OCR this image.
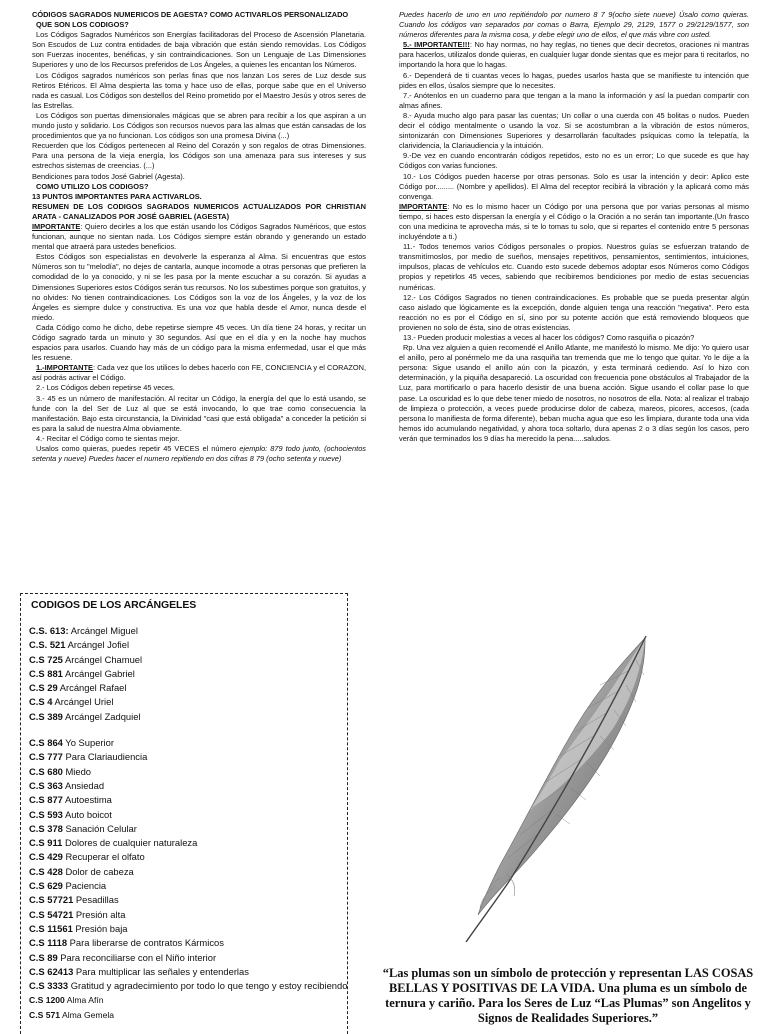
CÓDIGOS SAGRADOS NUMERICOS DE AGESTA? COMO ACTIVARLOS PERSONALIZADO

QUE SON LOS CODIGOS?

Los Códigos Sagrados Numéricos son Energías facilitadoras del Proceso de Ascensión Planetaria. Son Escudos de Luz contra entidades de baja vibración que están siendo removidas. Los Códigos son Fuerzas inocentes, benéficas, y sin contraindicaciones. Son un Lenguaje de Las Dimensiones Superiores y uno de los Recursos preferidos de Los Ángeles, a quienes les encantan los Números.

Los Códigos sagrados numéricos son perlas finas que nos lanzan Los seres de Luz desde sus Retiros Etéricos. El Alma despierta las toma y hace uso de ellas, porque sabe que en el Universo nada es casual. Los Códigos son destellos del Reino prometido por el Maestro Jesús y otros seres de las Estrellas.

Los Códigos son puertas dimensionales mágicas que se abren para recibir a los que aspiran a un mundo justo y solidario. Los Códigos son recursos nuevos para las almas que están cansadas de los procedimientos que ya no funcionan. Los códigos son una promesa Divina (...)

Recuerden que los Códigos pertenecen al Reino del Corazón y son regalos de otras Dimensiones. Para una persona de la vieja energía, los Códigos son una amenaza para sus intereses y sus estrechos sistemas de creencias. (...)

Bendiciones para todos José Gabriel (Agesta).

COMO UTILIZO LOS CODIGOS?

13 PUNTOS IMPORTANTES PARA ACTIVARLOS.

RESUMEN DE LOS CODIGOS SAGRADOS NUMERICOS ACTUALIZADOS POR CHRISTIAN ARATA - CANALIZADOS POR JOSÉ GABRIEL (AGESTA)

IMPORTANTE: Quiero decirles a los que están usando los Códigos Sagrados Numéricos, que estos funcionan, aunque no sientan nada. Los Códigos siempre están obrando y generando un estado mental que atraerá para ustedes beneficios.

Estos Códigos son especialistas en devolverle la esperanza al Alma. Si encuentras que estos Números son tu "melodía", no dejes de cantarla, aunque incomode a otras personas que prefieren la comodidad de lo ya conocido, y ni se les pasa por la mente escuchar a su corazón. Si ayudas a Dimensiones Superiores estos Códigos serán tus recursos. No los subestimes porque son gratuitos, y no olvides: No tienen contraindicaciones. Los Códigos son la voz de los Ángeles, y la voz de los Ángeles es siempre dulce y constructiva. Es una voz que habla desde el Amor, nunca desde el miedo.

Cada Código como he dicho, debe repetirse siempre 45 veces. Un día tiene 24 horas, y recitar un Código sagrado tarda un minuto y 30 segundos. Así que en el día y en la noche hay muchos espacios para usarlos. Cuando hay más de un código para la misma enfermedad, usar el que más les resuene.

1.-IMPORTANTE: Cada vez que los utilices lo debes hacerlo con FE, CONCIENCIA y el CORAZON, así podrás activar el Código.

2.- Los Códigos deben repetirse 45 veces.

3.- 45 es un número de manifestación. Al recitar un Código, la energía del que lo está usando, se funde con la del Ser de Luz al que se está invocando, lo que trae como consecuencia la manifestación. Bajo esta circunstancia, la Divinidad "casi que está obligada" a conceder la petición si es para la salud de nuestra Alma obviamente.

4.- Recitar el Código como te sientas mejor.

Usalos como quieras, puedes repetir 45 VECES el número ejemplo: 879 todo junto, (ochocientos setenta y nueve) Puedes hacer el numero repitiendo en dos cifras 8 79 (ocho setenta y nueve)

Puedes hacerlo de uno en uno repitiéndolo por numero 8 7 9(ocho siete nueve) Úsalo como quieras. Cuando los códigos van separados por comas o Barra, Ejemplo 29, 2129, 1577 o 29/2129/1577, son números diferentes para la misma cosa, y debe elegir uno de ellos, el que más vibre con usted.

5.- IMPORTANTE!!!: No hay normas, no hay reglas, no tienes que decir decretos, oraciones ni mantras para hacerlos, utilizalos donde quieras, en cualquier lugar donde sientas que es mejor para ti recitarlos, no importando la hora que lo hagas.

6.- Dependerá de ti cuantas veces lo hagas, puedes usarlos hasta que se manifieste tu intención que pides en ellos, úsalos siempre que lo necesites.

7.- Anótenlos en un cuaderno para que tengan a la mano la información y así la puedan compartir con almas afines.

8.- Ayuda mucho algo para pasar las cuentas; Un collar o una cuerda con 45 bolitas o nudos. Pueden decir el código mentalmente o usando la voz. Si se acostumbran a la vibración de estos números, sintonizarán con Dimensiones Superiores y desarrollarán facultades psíquicas como la telepatía, la clarividencia, la Clariaudiencia y la intuición.

9.-De vez en cuando encontrarán códigos repetidos, esto no es un error; Lo que sucede es que hay Códigos con varias funciones.

10.- Los Códigos pueden hacerse por otras personas. Solo es usar la intención y decir: Aplico este Código por......... (Nombre y apellidos). El Alma del receptor recibirá la vibración y la aplicará como más convenga.

IMPORTANTE: No es lo mismo hacer un Código por una persona que por varias personas al mismo tiempo, si haces esto dispersan la energía y el Código o la Oración a no serán tan importante.(Un frasco con una medicina te aprovecha más, si te lo tomas tu solo, que si repartes el contenido entre 5 personas incluyéndote a ti.)

11.- Todos tenemos varios Códigos personales o propios. Nuestros guías se esfuerzan tratando de transmitírnoslos, por medio de sueños, mensajes repetitivos, pensamientos, sentimientos, intuiciones, impulsos, placas de vehículos etc. Cuando esto sucede debemos adoptar esos Números como Códigos propios y repetirlos 45 veces, sabiendo que recibiremos bendiciones por medio de estas secuencias numéricas.

12.- Los Códigos Sagrados no tienen contraindicaciones. Es probable que se pueda presentar algún caso aislado que lógicamente es la excepción, donde alguien tenga una reacción "negativa". Pero esta reacción no es por el Código en sí, sino por su potente acción que está removiendo bloqueos que provienen no solo de ésta, sino de otras existencias.

13.- Pueden producir molestias a veces al hacer los códigos? Como rasquiña o picazón?

Rp. Una vez alguien a quien recomendé el Anillo Atlante, me manifestó lo mismo. Me dijo: Yo quiero usar el anillo, pero al ponérmelo me da una rasquiña tan tremenda que me lo tengo que quitar. Yo le dije a la persona: Sigue usando el anillo aún con la picazón, y esta terminará cediendo. Así lo hizo con determinación, y la piquiña desapareció. La oscuridad con frecuencia pone obstáculos al Trabajador de la Luz, para mortificarlo o para hacerlo desistir de una buena acción. Sigue usando el collar pase lo que pase. La oscuridad es lo que debe tener miedo de nosotros, no nosotros de ella. Nota: al realizar el trabajo de limpieza o protección, a veces puede producirse dolor de cabeza, mareos, picores, accesos, (cada persona lo manifiesta de forma diferente), beban mucha agua que eso les limpiara, durante toda una vida hemos ido acumulando negatividad, y ahora toca soltarlo, dura apenas 2 o 3 días según los casos, pero verán que terminados los 9 días ha merecido la pena.....saludos.

CODIGOS DE LOS ARCÁNGELES
C.S. 613: Arcángel Miguel
C.S. 521 Arcángel Jofiel
C.S 725 Arcángel Chamuel
C.S 881 Arcángel Gabriel
C.S 29 Arcángel Rafael
C.S 4 Arcángel Uriel
C.S 389 Arcángel Zadquiel
C.S 864 Yo Superior
C.S 777 Para Clariaudiencia
C.S 680 Miedo
C.S 363 Ansiedad
C.S 877 Autoestima
C.S 593 Auto boicot
C.S 378 Sanación Celular
C.S 911 Dolores de cualquier naturaleza
C.S 429 Recuperar el olfato
C.S 428 Dolor de cabeza
C.S 629 Paciencia
C.S 57721 Pesadillas
C.S 54721 Presión alta
C.S 11561 Presión baja
C.S 1118 Para liberarse de contratos Kármicos
C.S 89 Para reconciliarse con el Niño interior
C.S 62413 Para multiplicar las señales y entenderlas
C.S 3333 Gratitud y agradecimiento por todo lo que tengo y estoy recibiendo
C.S 1200 Alma Afín
C.S 571 Alma Gemela
“Las plumas son un símbolo de protección y representan LAS COSAS BELLAS Y POSITIVAS DE LA VIDA. Una pluma es un símbolo de ternura y cariño. Para los Seres de Luz “Las Plumas” son Angelitos y Signos de Realidades Superiores.”
